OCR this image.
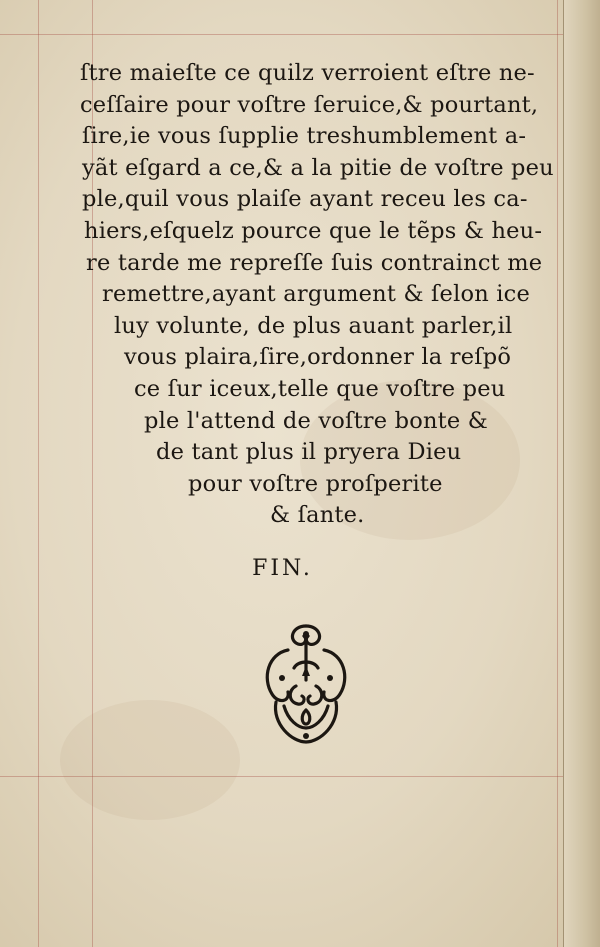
ſtre maieſte ce quilz verroient eſtre ne-
ceſſaire pour voſtre ſeruice,& pourtant,
ſire,ie vous ſupplie treshumblement a-
yãt eſgard a ce,& a la pitie de voſtre peu
ple,quil vous plaiſe ayant receu les ca-
hiers,eſquelz pource que le tẽps & heu-
re tarde me repreſſe ſuis contrainct me
remettre,ayant argument & ſelon ice
luy volunte, de plus auant parler,il
vous plaira,ſire,ordonner la reſpõ
ce ſur iceux,telle que voſtre peu
ple l'attend de voſtre bonte &
de tant plus il pryera Dieu
pour voſtre proſperite
& ſante.
FIN.
